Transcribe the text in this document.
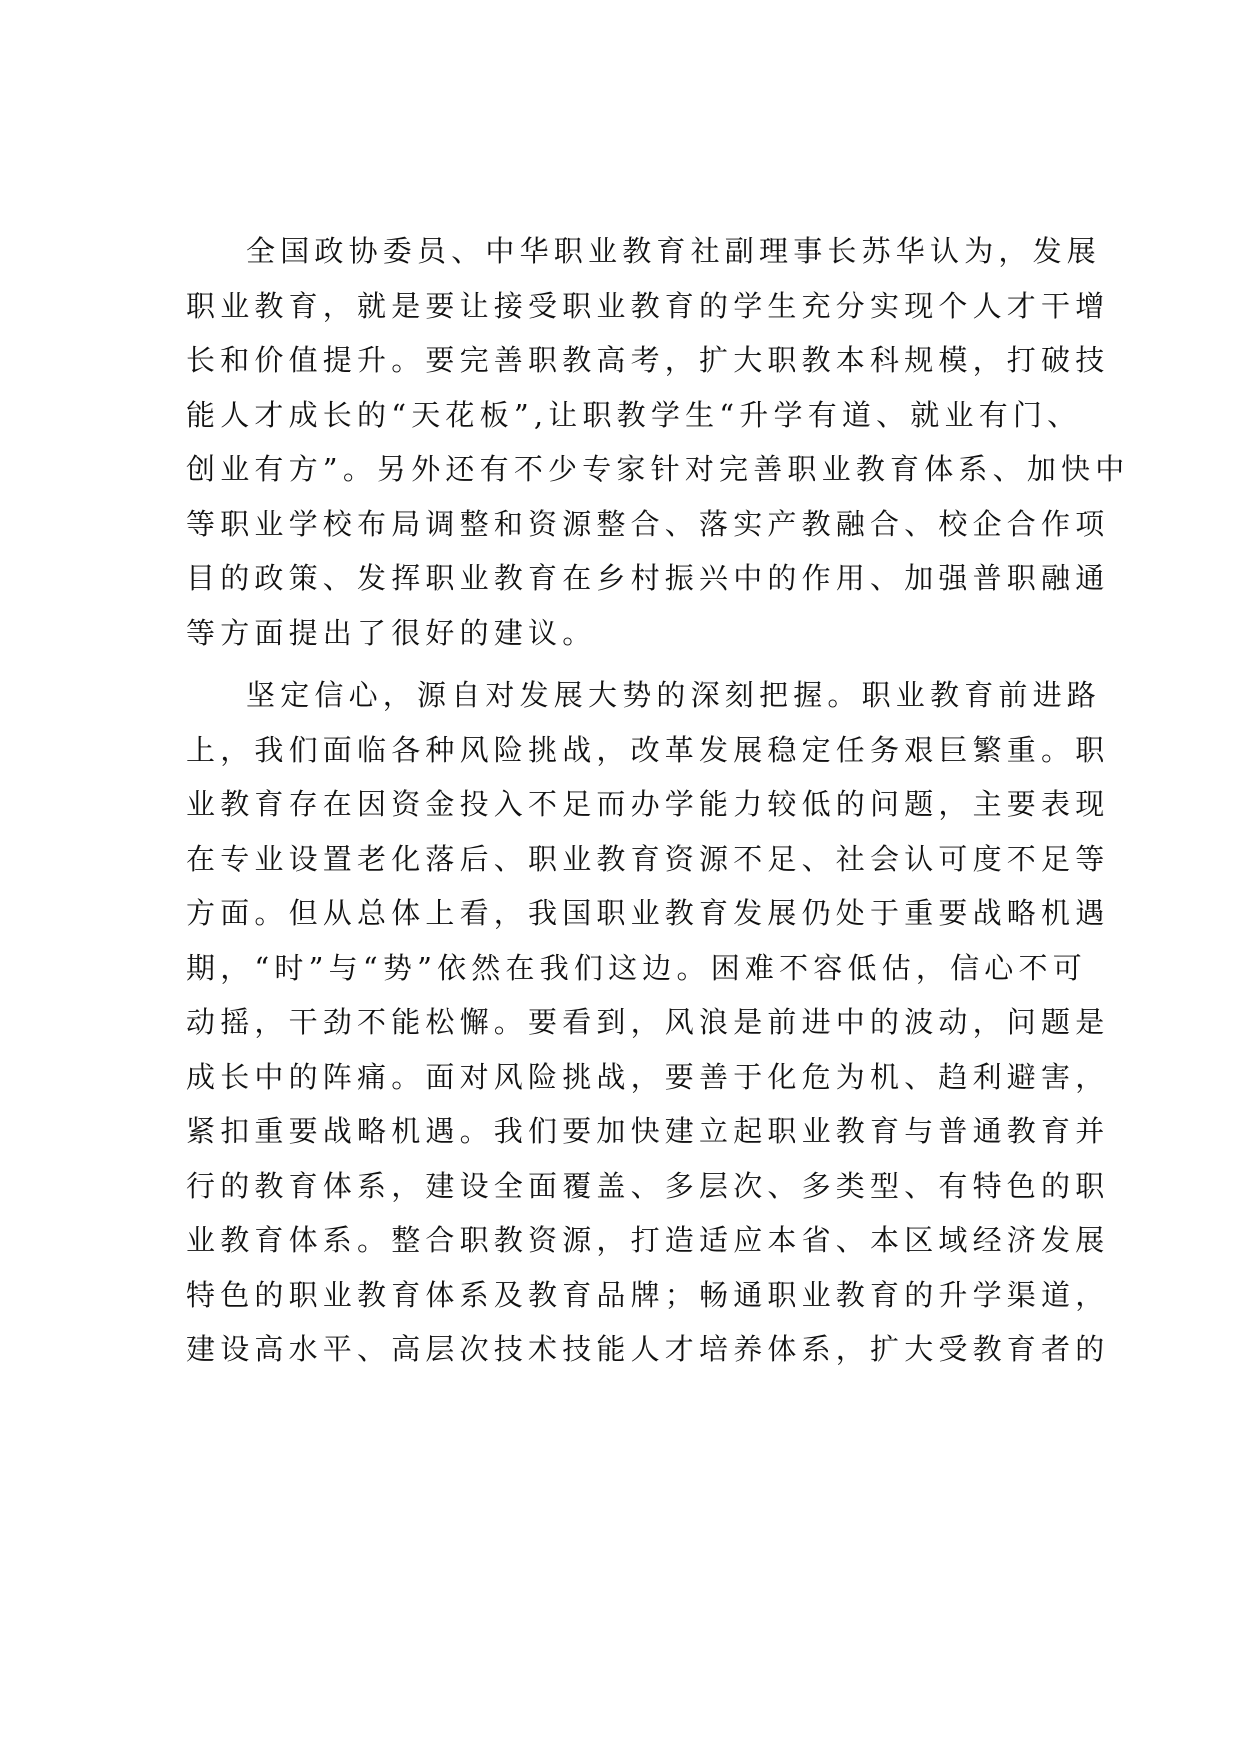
全国政协委员、中华职业教育社副理事长苏华认为，发展
职业教育，就是要让接受职业教育的学生充分实现个人才干增
长和价值提升。要完善职教高考，扩大职教本科规模，打破技
能人才成长的“天花板”,让职教学生“升学有道、就业有门、
创业有方”。另外还有不少专家针对完善职业教育体系、加快中
等职业学校布局调整和资源整合、落实产教融合、校企合作项
目的政策、发挥职业教育在乡村振兴中的作用、加强普职融通
等方面提出了很好的建议。

坚定信心，源自对发展大势的深刻把握。职业教育前进路
上，我们面临各种风险挑战，改革发展稳定任务艰巨繁重。职
业教育存在因资金投入不足而办学能力较低的问题，主要表现
在专业设置老化落后、职业教育资源不足、社会认可度不足等
方面。但从总体上看，我国职业教育发展仍处于重要战略机遇
期，“时”与“势”依然在我们这边。困难不容低估，信心不可
动摇，干劲不能松懈。要看到，风浪是前进中的波动，问题是
成长中的阵痛。面对风险挑战，要善于化危为机、趋利避害，
紧扣重要战略机遇。我们要加快建立起职业教育与普通教育并
行的教育体系，建设全面覆盖、多层次、多类型、有特色的职
业教育体系。整合职教资源，打造适应本省、本区域经济发展
特色的职业教育体系及教育品牌；畅通职业教育的升学渠道，
建设高水平、高层次技术技能人才培养体系，扩大受教育者的
